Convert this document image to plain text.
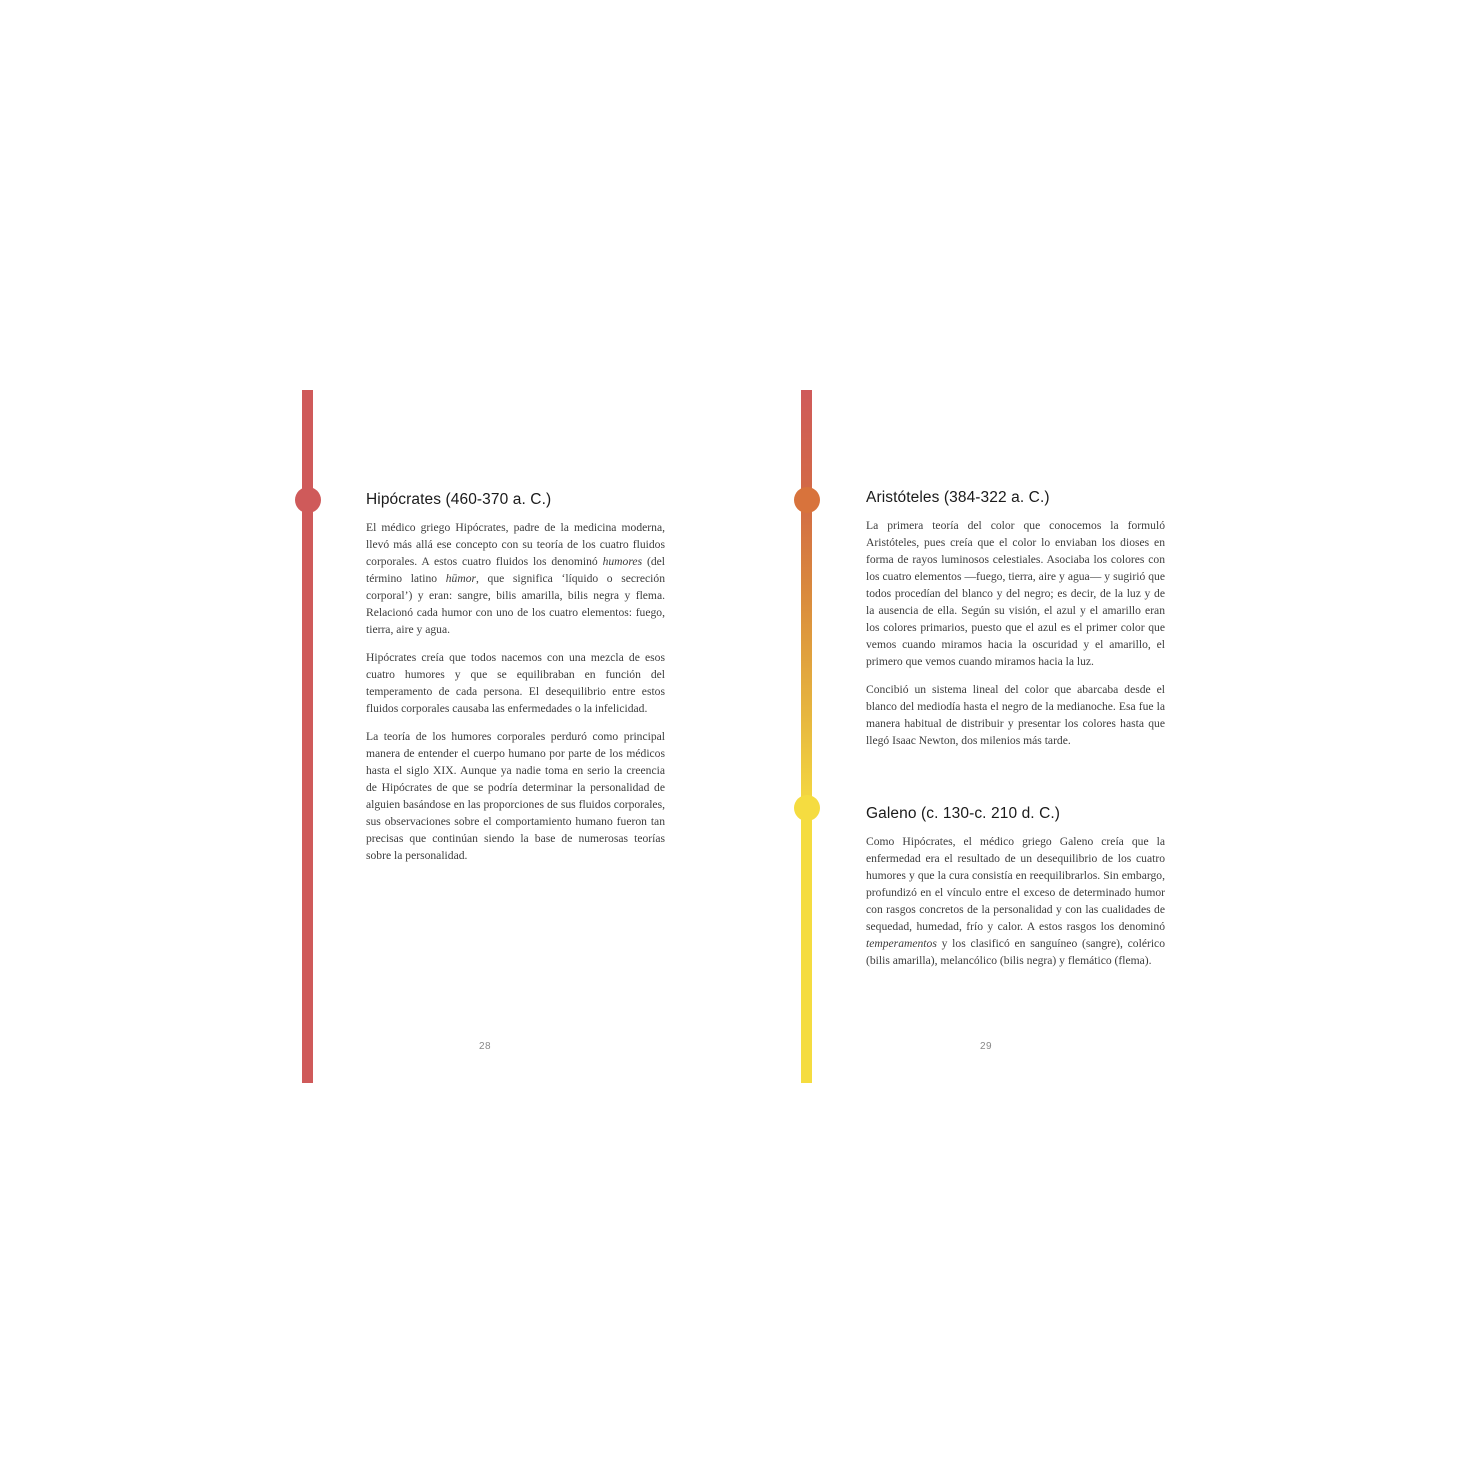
Hipócrates (460-370 a. C.)

El médico griego Hipócrates, padre de la medicina moderna, llevó más allá ese concepto con su teoría de los cuatro fluidos corporales. A estos cuatro fluidos los denominó humores (del término latino hūmor, que significa ‘líquido o secreción corporal’) y eran: sangre, bilis amarilla, bilis negra y flema. Relacionó cada humor con uno de los cuatro elementos: fuego, tierra, aire y agua.

Hipócrates creía que todos nacemos con una mezcla de esos cuatro humores y que se equilibraban en función del temperamento de cada persona. El desequilibrio entre estos fluidos corporales causaba las enfermedades o la infelicidad.

La teoría de los humores corporales perduró como principal manera de entender el cuerpo humano por parte de los médicos hasta el siglo XIX. Aunque ya nadie toma en serio la creencia de Hipócrates de que se podría determinar la personalidad de alguien basándose en las proporciones de sus fluidos corporales, sus observaciones sobre el comportamiento humano fueron tan precisas que continúan siendo la base de numerosas teorías sobre la personalidad.

28
Aristóteles (384-322 a. C.)

La primera teoría del color que conocemos la formuló Aristóteles, pues creía que el color lo enviaban los dioses en forma de rayos luminosos celestiales. Asociaba los colores con los cuatro elementos —fuego, tierra, aire y agua— y sugirió que todos procedían del blanco y del negro; es decir, de la luz y de la ausencia de ella. Según su visión, el azul y el amarillo eran los colores primarios, puesto que el azul es el primer color que vemos cuando miramos hacia la oscuridad y el amarillo, el primero que vemos cuando miramos hacia la luz.

Concibió un sistema lineal del color que abarcaba desde el blanco del mediodía hasta el negro de la medianoche. Esa fue la manera habitual de distribuir y presentar los colores hasta que llegó Isaac Newton, dos milenios más tarde.

Galeno (c. 130-c. 210 d. C.)

Como Hipócrates, el médico griego Galeno creía que la enfermedad era el resultado de un desequilibrio de los cuatro humores y que la cura consistía en reequilibrarlos. Sin embargo, profundizó en el vínculo entre el exceso de determinado humor con rasgos concretos de la personalidad y con las cualidades de sequedad, humedad, frío y calor. A estos rasgos los denominó temperamentos y los clasificó en sanguíneo (sangre), colérico (bilis amarilla), melancólico (bilis negra) y flemático (flema).

29
